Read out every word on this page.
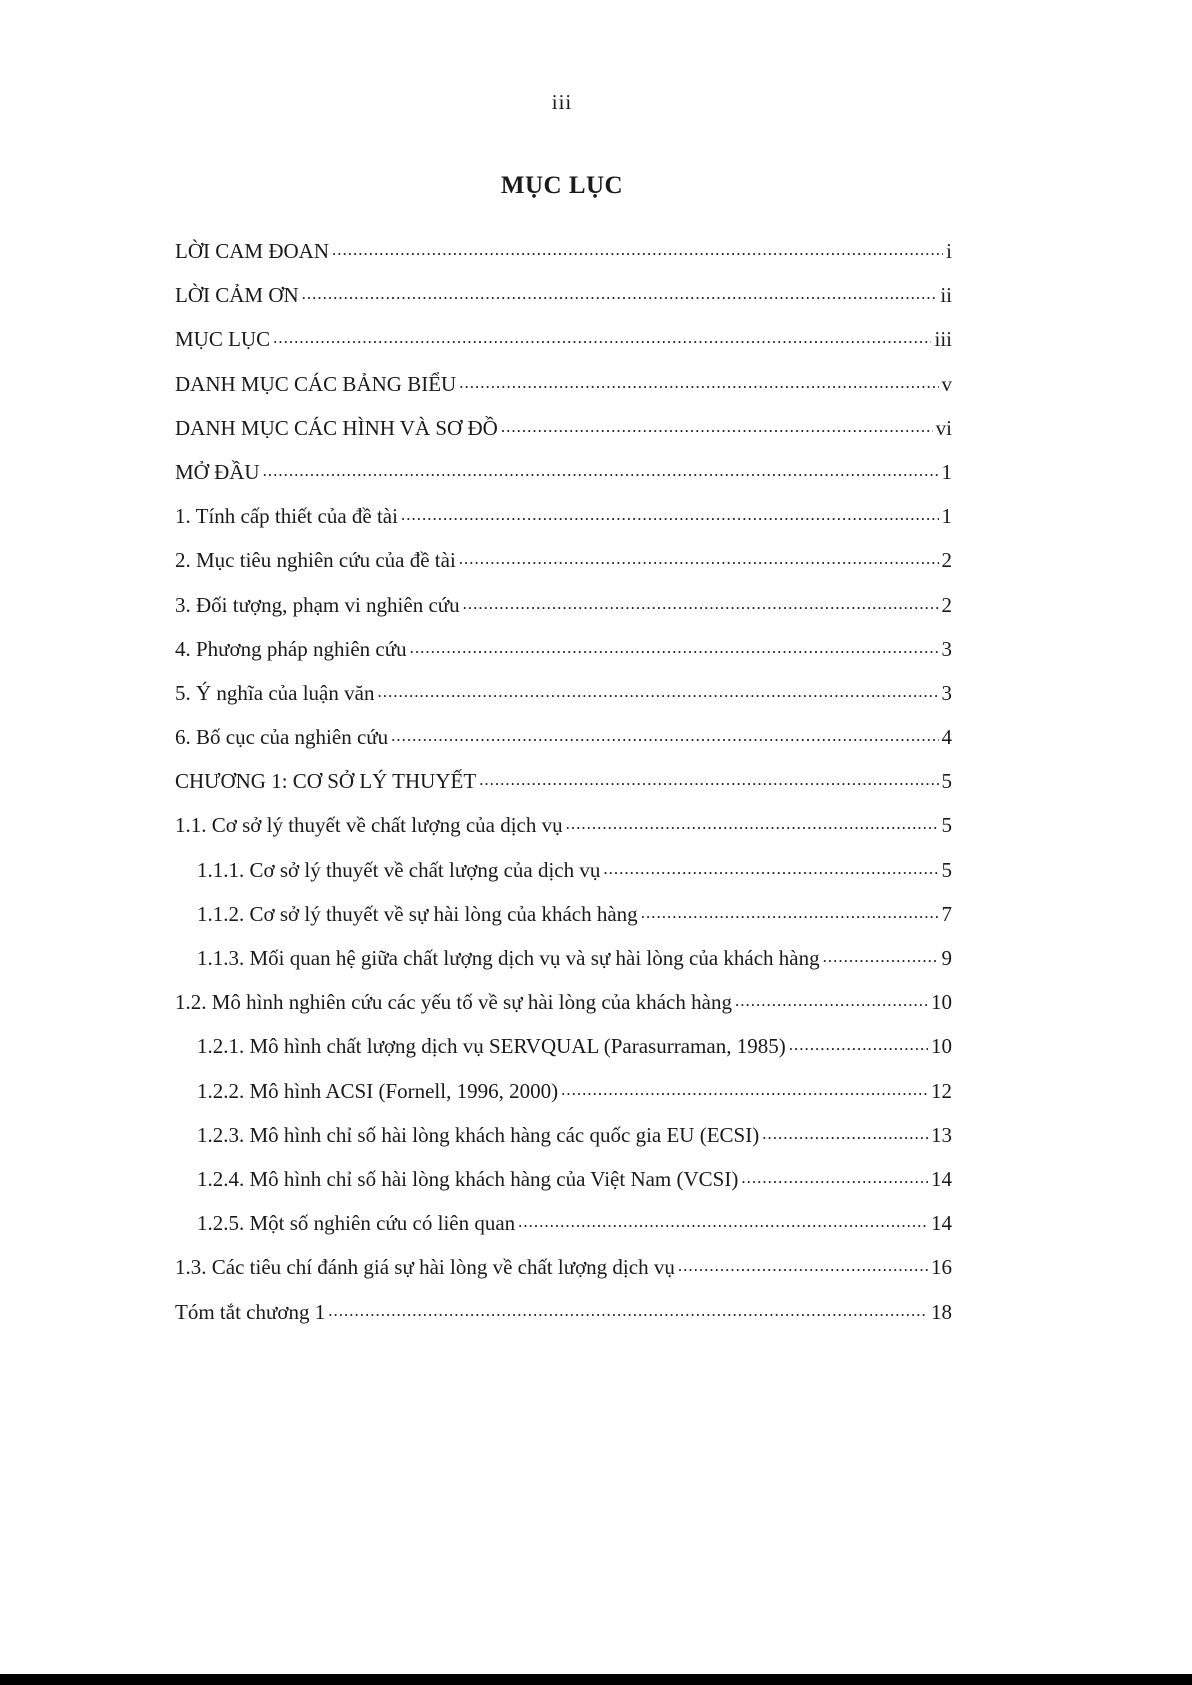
iii
MỤC LỤC
LỜI CAM ĐOAN .....	i
LỜI CẢM ƠN .....	ii
MỤC LỤC .....	iii
DANH MỤC CÁC BẢNG BIỂU .....	v
DANH MỤC CÁC HÌNH VÀ SƠ ĐỒ .....	vi
MỞ ĐẦU .....	1
1. Tính cấp thiết của đề tài .....	1
2. Mục tiêu nghiên cứu của đề tài .....	2
3. Đối tượng, phạm vi nghiên cứu .....	2
4. Phương pháp nghiên cứu .....	3
5. Ý nghĩa của luận văn .....	3
6. Bố cục của nghiên cứu .....	4
CHƯƠNG 1: CƠ SỞ LÝ THUYẾT .....	5
1.1. Cơ sở lý thuyết về chất lượng của dịch vụ .....	5
1.1.1. Cơ sở lý thuyết về chất lượng của dịch vụ .....	5
1.1.2. Cơ sở lý thuyết về sự hài lòng của khách hàng .....	7
1.1.3. Mối quan hệ giữa chất lượng dịch vụ và sự hài lòng của khách hàng .....	9
1.2. Mô hình nghiên cứu các yếu tố về sự hài lòng của khách hàng .....	10
1.2.1. Mô hình chất lượng dịch vụ SERVQUAL (Parasurraman, 1985) .....	10
1.2.2. Mô hình ACSI (Fornell, 1996, 2000) .....	12
1.2.3. Mô hình chỉ số hài lòng khách hàng các quốc gia EU (ECSI) .....	13
1.2.4. Mô hình chỉ số hài lòng khách hàng của Việt Nam (VCSI) .....	14
1.2.5. Một số nghiên cứu có liên quan .....	14
1.3. Các tiêu chí đánh giá sự hài lòng về chất lượng dịch vụ .....	16
Tóm tắt chương 1 .....	18
